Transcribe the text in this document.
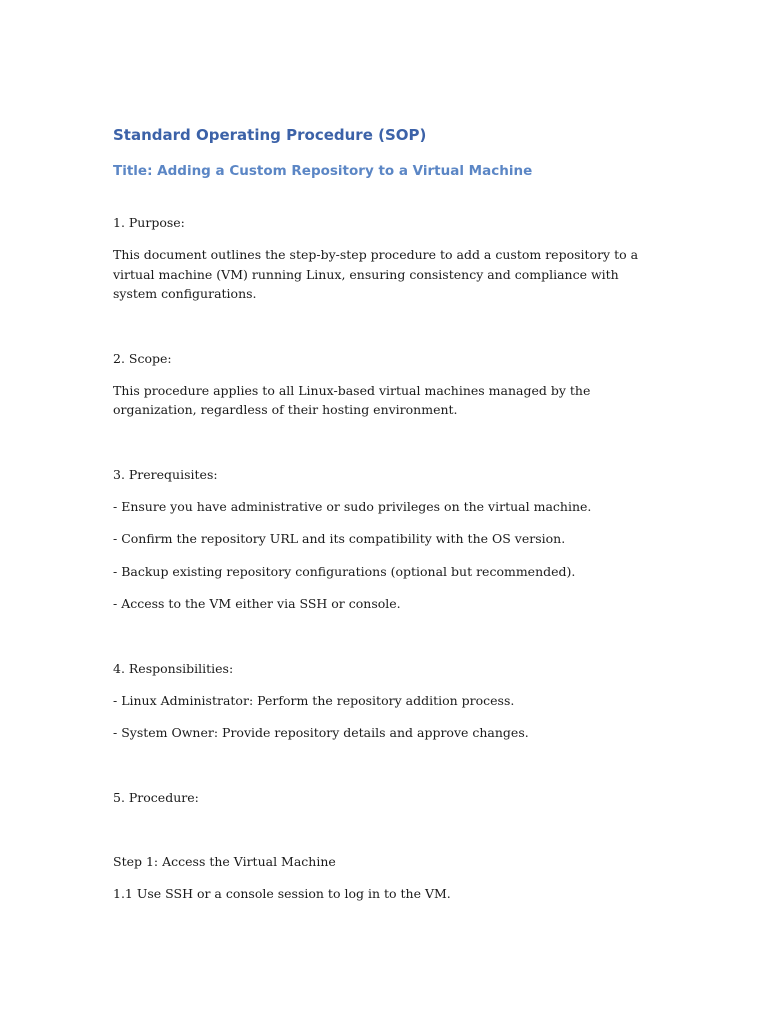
Standard Operating Procedure (SOP)
Title: Adding a Custom Repository to a Virtual Machine

1. Purpose:

This document outlines the step-by-step procedure to add a custom repository to a virtual machine (VM) running Linux, ensuring consistency and compliance with system configurations.

2. Scope:

This procedure applies to all Linux-based virtual machines managed by the organization, regardless of their hosting environment.

3. Prerequisites:

- Ensure you have administrative or sudo privileges on the virtual machine.

- Confirm the repository URL and its compatibility with the OS version.

- Backup existing repository configurations (optional but recommended).

- Access to the VM either via SSH or console.

4. Responsibilities:

- Linux Administrator: Perform the repository addition process.

- System Owner: Provide repository details and approve changes.

5. Procedure:

Step 1: Access the Virtual Machine

1.1 Use SSH or a console session to log in to the VM.
